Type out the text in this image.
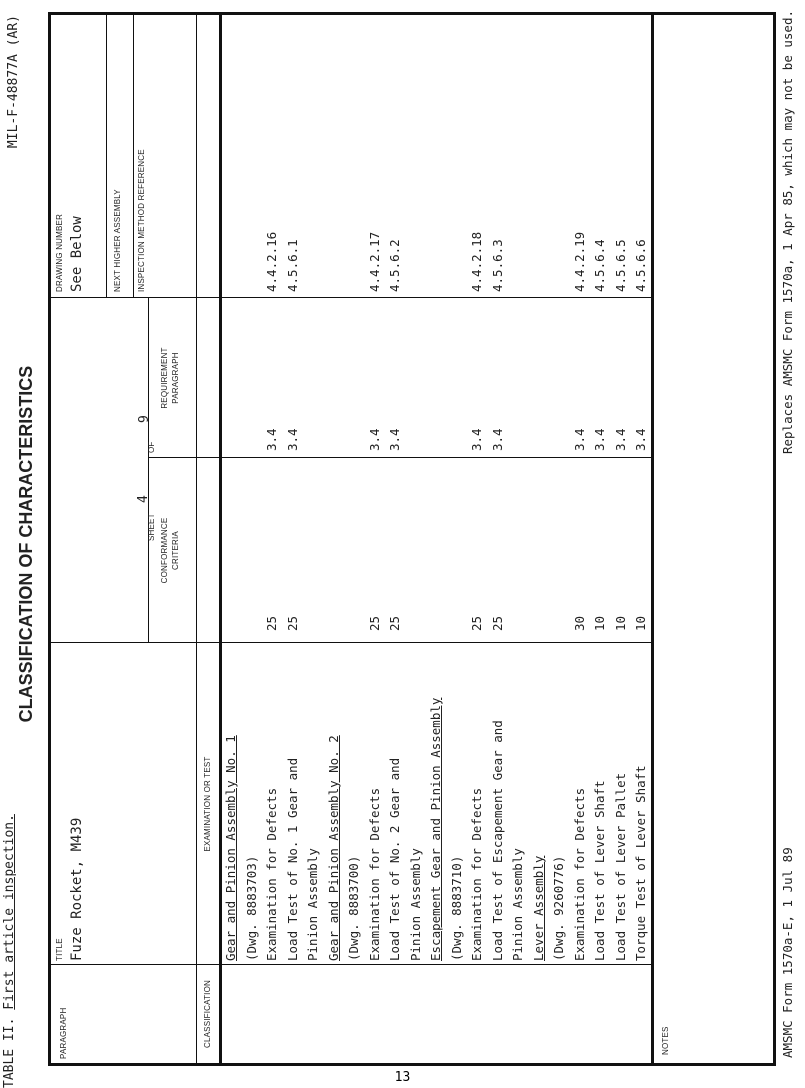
TABLE II. First article inspection.
CLASSIFICATION OF CHARACTERISTICS
MIL-F-48877A (AR)
PARAGRAPH
TITLE Fuze Rocket, M439
SHEET
4
OF
9
DRAWING NUMBER See Below	NEXT HIGHER ASSEMBLY
CLASSIFICATION
EXAMINATION OR TEST
CONFORMANCE CRITERIA
REQUIREMENT PARAGRAPH
INSPECTION METHOD REFERENCE
Gear and Pinion Assembly No. 1 (Dwg. 8883703) Examination for Defects
25
3.4
4.4.2.16
Load Test of No. 1 Gear and
25
3.4
4.5.6.1
Pinion Assembly Gear and Pinion Assembly No. 2 (Dwg. 8883700) Examination for Defects
25
3.4
4.4.2.17
Load Test of No. 2 Gear and
25
3.4
4.5.6.2
Pinion Assembly Escapement Gear and Pinion Assembly (Dwg. 8883710) Examination for Defects
25
3.4
4.4.2.18
Load Test of Escapement Gear and
25
3.4
4.5.6.3
Pinion Assembly Lever Assembly (Dwg. 9260776) Examination for Defects
30
3.4
4.4.2.19
Load Test of Lever Shaft
10
3.4
4.5.6.4
Load Test of Lever Pallet
10
3.4
4.5.6.5
Torque Test of Lever Shaft
10
3.4
4.5.6.6
NOTES	AMSMC Form 1570a-E, 1 Jul 89
Replaces AMSMC Form 1570a, 1 Apr 85, which may not be used.
13
